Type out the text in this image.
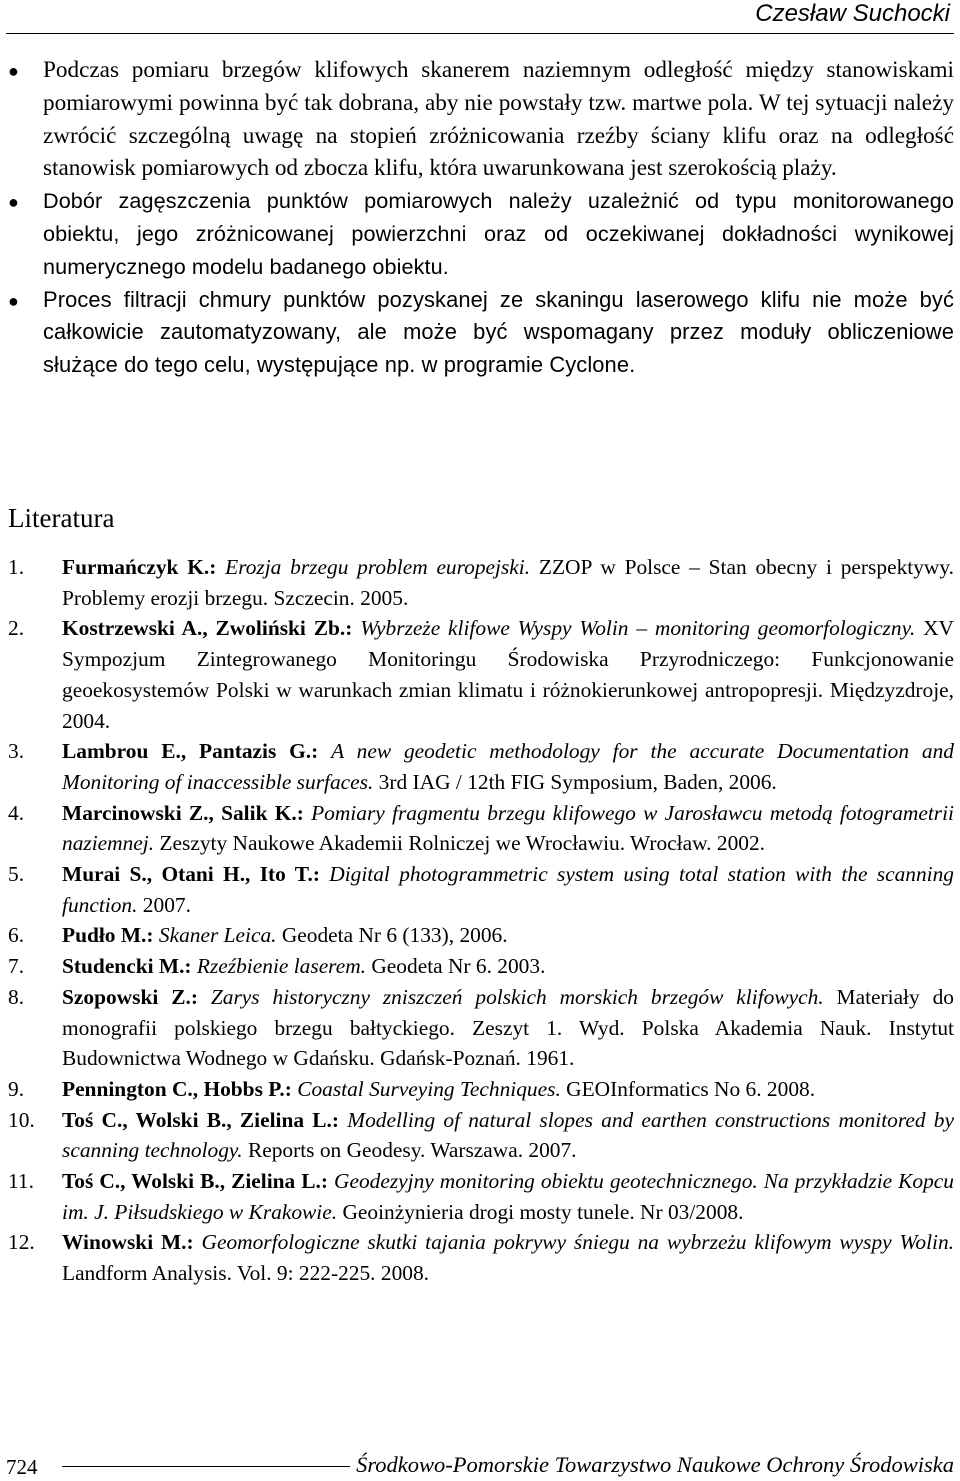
Czesław Suchocki
● Podczas pomiaru brzegów klifowych skanerem naziemnym odległość między stanowiskami pomiarowymi powinna być tak dobrana, aby nie powstały tzw. martwe pola. W tej sytuacji należy zwrócić szczególną uwagę na stopień zróżnicowania rzeźby ściany klifu oraz na odległość stanowisk pomiarowych od zbocza klifu, która uwarunkowana jest szerokością plaży.
● Dobór zagęszczenia punktów pomiarowych należy uzależnić od typu monitorowanego obiektu, jego zróżnicowanej powierzchni oraz od oczekiwanej dokładności wynikowej numerycznego modelu badanego obiektu.
● Proces filtracji chmury punktów pozyskanej ze skaningu laserowego klifu nie może być całkowicie zautomatyzowany, ale może być wspomagany przez moduły obliczeniowe służące do tego celu, występujące np. w programie Cyclone.
Literatura
1. Furmańczyk K.: Erozja brzegu problem europejski. ZZOP w Polsce – Stan obecny i perspektywy. Problemy erozji brzegu. Szczecin. 2005.
2. Kostrzewski A., Zwoliński Zb.: Wybrzeże klifowe Wyspy Wolin – monitoring geomorfologiczny. XV Sympozjum Zintegrowanego Monitoringu Środowiska Przyrodniczego: Funkcjonowanie geoekosystemów Polski w warunkach zmian klimatu i różnokierunkowej antropopresji. Międzyzdroje, 2004.
3. Lambrou E., Pantazis G.: A new geodetic methodology for the accurate Documentation and Monitoring of inaccessible surfaces. 3rd IAG / 12th FIG Symposium, Baden, 2006.
4. Marcinowski Z., Salik K.: Pomiary fragmentu brzegu klifowego w Jarosławcu metodą fotogrametrii naziemnej. Zeszyty Naukowe Akademii Rolniczej we Wrocławiu. Wrocław. 2002.
5. Murai S., Otani H., Ito T.: Digital photogrammetric system using total station with the scanning function. 2007.
6. Pudło M.: Skaner Leica. Geodeta Nr 6 (133), 2006.
7. Studencki M.: Rzeźbienie laserem. Geodeta Nr 6. 2003.
8. Szopowski Z.: Zarys historyczny zniszczeń polskich morskich brzegów klifowych. Materiały do monografii polskiego brzegu bałtyckiego. Zeszyt 1. Wyd. Polska Akademia Nauk. Instytut Budownictwa Wodnego w Gdańsku. Gdańsk-Poznań. 1961.
9. Pennington C., Hobbs P.: Coastal Surveying Techniques. GEOInformatics No 6. 2008.
10. Toś C., Wolski B., Zielina L.: Modelling of natural slopes and earthen constructions monitored by scanning technology. Reports on Geodesy. Warszawa. 2007.
11. Toś C., Wolski B., Zielina L.: Geodezyjny monitoring obiektu geotechnicznego. Na przykładzie Kopcu im. J. Piłsudskiego w Krakowie. Geoinżynieria drogi mosty tunele. Nr 03/2008.
12. Winowski M.: Geomorfologiczne skutki tajania pokrywy śniegu na wybrzeżu klifowym wyspy Wolin. Landform Analysis. Vol. 9: 222-225. 2008.
724	Środkowo-Pomorskie Towarzystwo Naukowe Ochrony Środowiska
